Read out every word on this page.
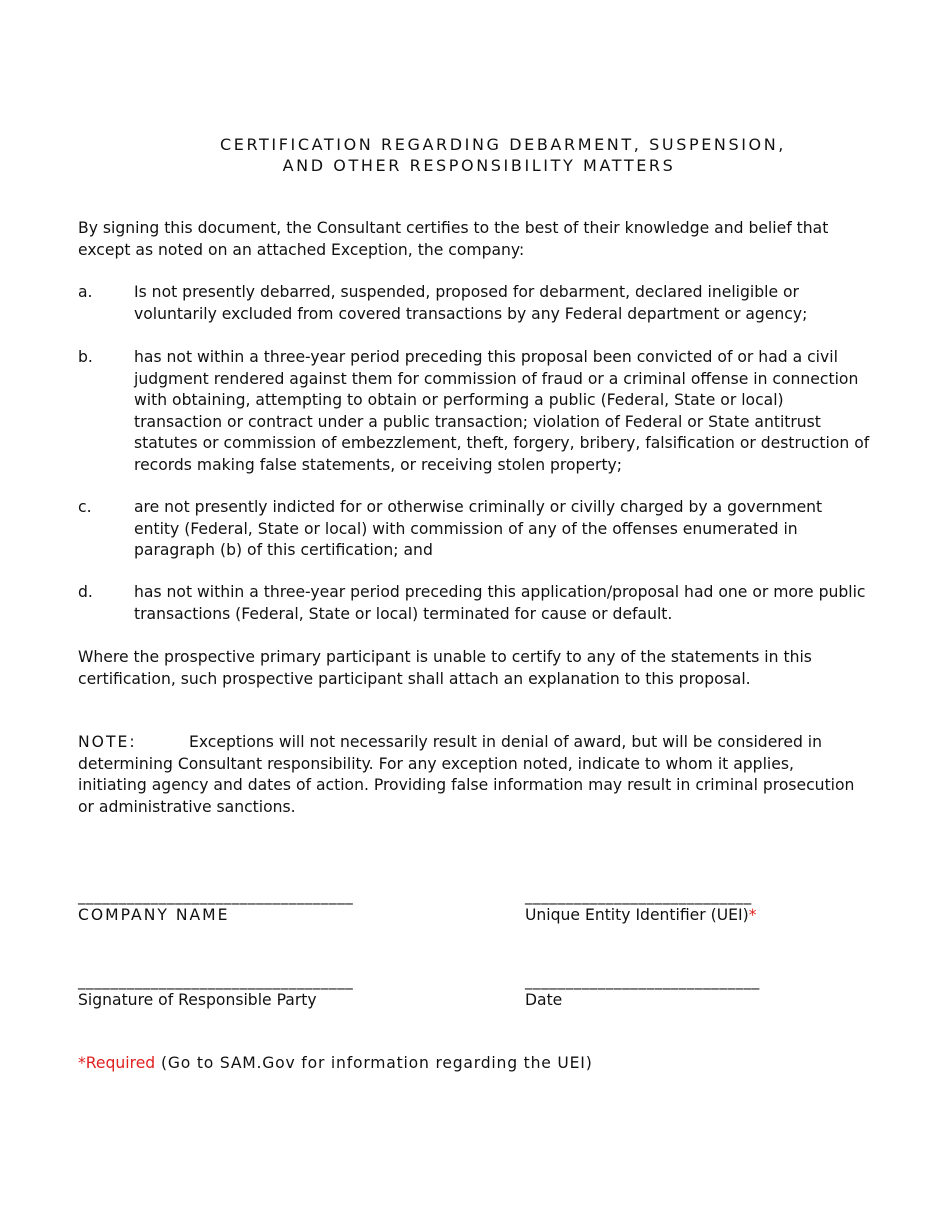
CERTIFICATION REGARDING DEBARMENT, SUSPENSION,
AND OTHER RESPONSIBILITY MATTERS
By signing this document, the Consultant certifies to the best of their knowledge and belief that except as noted on an attached Exception, the company:
a.	Is not presently debarred, suspended, proposed for debarment, declared ineligible or voluntarily excluded from covered transactions by any Federal department or agency;
b.	has not within a three-year period preceding this proposal been convicted of or had a civil judgment rendered against them for commission of fraud or a criminal offense in connection with obtaining, attempting to obtain or performing a public (Federal, State or local) transaction or contract under a public transaction; violation of Federal or State antitrust statutes or commission of embezzlement, theft, forgery, bribery, falsification or destruction of records making false statements, or receiving stolen property;
c.	are not presently indicted for or otherwise criminally or civilly charged by a government entity (Federal, State or local) with commission of any of the offenses enumerated in paragraph (b) of this certification; and
d.	has not within a three-year period preceding this application/proposal had one or more public transactions (Federal, State or local) terminated for cause or default.
Where the prospective primary participant is unable to certify to any of the statements in this certification, such prospective participant shall attach an explanation to this proposal.
NOTE:	Exceptions will not necessarily result in denial of award, but will be considered in determining Consultant responsibility. For any exception noted, indicate to whom it applies, initiating agency and dates of action. Providing false information may result in criminal prosecution or administrative sanctions.
__________________________________
COMPANY NAME
____________________________
Unique Entity Identifier (UEI)*
__________________________________
Signature of Responsible Party
_____________________________
Date
*Required (Go to SAM.Gov for information regarding the UEI)
